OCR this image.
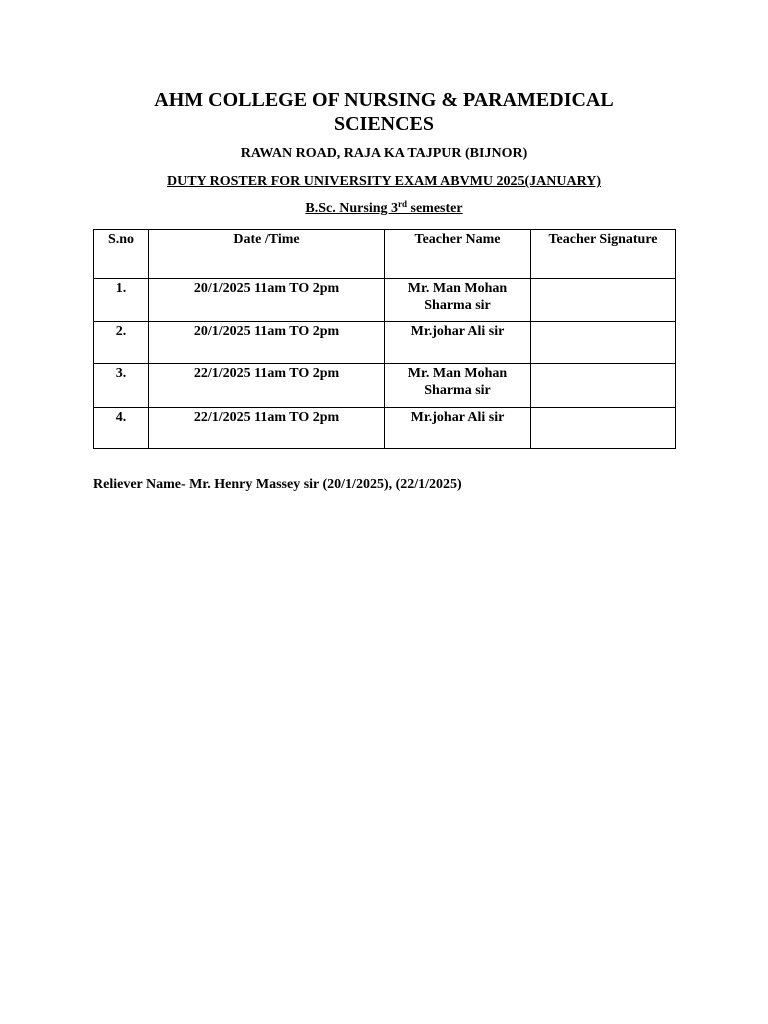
AHM COLLEGE OF NURSING & PARAMEDICAL SCIENCES

RAWAN ROAD, RAJA KA TAJPUR (BIJNOR)

DUTY ROSTER FOR UNIVERSITY EXAM ABVMU 2025(JANUARY)

B.Sc. Nursing 3rd semester

S.no	Date /Time	Teacher Name	Teacher Signature
1.	20/1/2025 11am TO 2pm	Mr. Man Mohan Sharma sir	
2.	20/1/2025 11am TO 2pm	Mr.johar Ali sir	
3.	22/1/2025 11am TO 2pm	Mr. Man Mohan Sharma sir	
4.	22/1/2025 11am TO 2pm	Mr.johar Ali sir	

Reliever Name- Mr. Henry Massey sir (20/1/2025), (22/1/2025)
